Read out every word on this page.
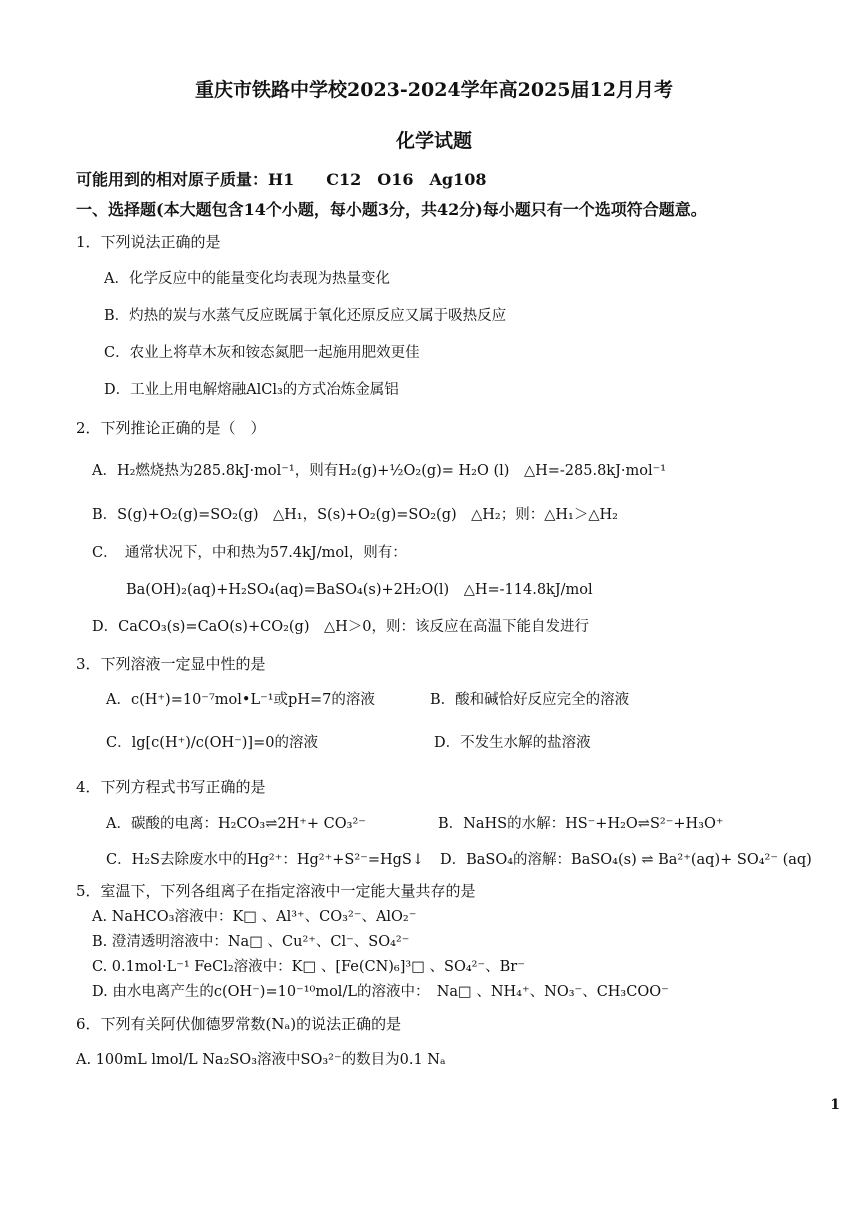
重庆市铁路中学校2023-2024学年高2025届12月月考
化学试题
可能用到的相对原子质量：H1　　C12　O16　Ag108
一、选择题(本大题包含14个小题，每小题3分，共42分)每小题只有一个选项符合题意。
1．下列说法正确的是
A．化学反应中的能量变化均表现为热量变化
B．灼热的炭与水蒸气反应既属于氧化还原反应又属于吸热反应
C．农业上将草木灰和铵态氮肥一起施用肥效更佳
D．工业上用电解熔融AlCl₃的方式冶炼金属铝
2．下列推论正确的是（　）
A．H₂燃烧热为285.8kJ·mol⁻¹，则有H₂(g)+½O₂(g)= H₂O (l)　△H=-285.8kJ·mol⁻¹
B．S(g)+O₂(g)=SO₂(g)　△H₁，S(s)+O₂(g)=SO₂(g)　△H₂；则：△H₁＞△H₂
C．　通常状况下，中和热为57.4kJ/mol，则有：
Ba(OH)₂(aq)+H₂SO₄(aq)=BaSO₄(s)+2H₂O(l)　△H=-114.8kJ/mol
D．CaCO₃(s)=CaO(s)+CO₂(g)　△H＞0，则：该反应在高温下能自发进行
3．下列溶液一定显中性的是
A．c(H⁺)=10⁻⁷mol•L⁻¹或pH=7的溶液	B．酸和碱恰好反应完全的溶液
C．lg[c(H⁺)/c(OH⁻)]=0的溶液	D．不发生水解的盐溶液
4．下列方程式书写正确的是
A．碳酸的电离：H₂CO₃⇌2H⁺+ CO₃²⁻	B．NaHS的水解：HS⁻+H₂O⇌S²⁻+H₃O⁺
C．H₂S去除废水中的Hg²⁺：Hg²⁺+S²⁻=HgS↓ D．BaSO₄的溶解：BaSO₄(s) ⇌ Ba²⁺(aq)+ SO₄²⁻ (aq)
5．室温下，下列各组离子在指定溶液中一定能大量共存的是
A. NaHCO₃溶液中：K□ 、Al³⁺、CO₃²⁻、AlO₂⁻
B. 澄清透明溶液中：Na□ 、Cu²⁺、Cl⁻、SO₄²⁻
C. 0.1mol·L⁻¹ FeCl₂溶液中：K□ 、[Fe(CN)₆]³□ 、SO₄²⁻、Br⁻
D. 由水电离产生的c(OH⁻)=10⁻¹⁰mol/L的溶液中：　Na□ 、NH₄⁺、NO₃⁻、CH₃COO⁻
6．下列有关阿伏伽德罗常数(Nₐ)的说法正确的是
A. 100mL lmol/L Na₂SO₃溶液中SO₃²⁻的数目为0.1 Nₐ
1
